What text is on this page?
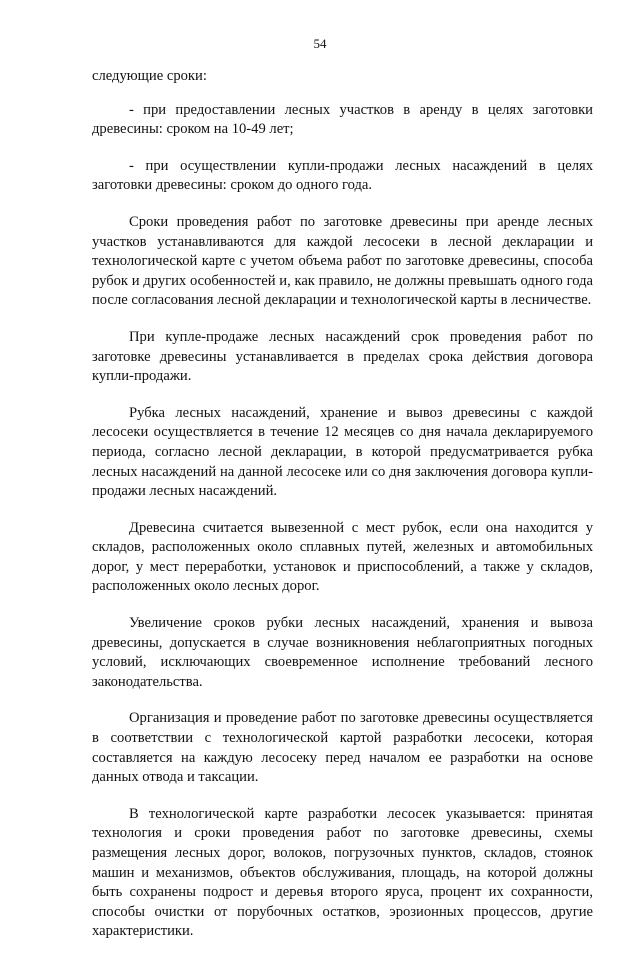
54

следующие сроки:

- при предоставлении лесных участков в аренду в целях заготовки древесины: сроком на 10-49 лет;

- при осуществлении купли-продажи лесных насаждений в целях заготовки древесины: сроком до одного года.

Сроки проведения работ по заготовке древесины при аренде лесных участков устанавливаются для каждой лесосеки в лесной декларации и технологической карте с учетом объема работ по заготовке древесины, способа рубок и других особенностей и, как правило, не должны превышать одного года после согласования лесной декларации и технологической карты в лесничестве.

При купле-продаже лесных насаждений срок проведения работ по заготовке древесины устанавливается в пределах срока действия договора купли-продажи.

Рубка лесных насаждений, хранение и вывоз древесины с каждой лесосеки осуществляется в течение 12 месяцев со дня начала декларируемого периода, согласно лесной декларации, в которой предусматривается рубка лесных насаждений на данной лесосеке или со дня заключения договора купли-продажи лесных насаждений.

Древесина считается вывезенной с мест рубок, если она находится у складов, расположенных около сплавных путей, железных и автомобильных дорог, у мест переработки, установок и приспособлений, а также у складов, расположенных около лесных дорог.

Увеличение сроков рубки лесных насаждений, хранения и вывоза древесины, допускается в случае возникновения неблагоприятных погодных условий, исключающих своевременное исполнение требований лесного законодательства.

Организация и проведение работ по заготовке древесины осуществляется в соответствии с технологической картой разработки лесосеки, которая составляется на каждую лесосеку перед началом ее разработки на основе данных отвода и таксации.

В технологической карте разработки лесосек указывается: принятая технология и сроки проведения работ по заготовке древесины, схемы размещения лесных дорог, волоков, погрузочных пунктов, складов, стоянок машин и механизмов, объектов обслуживания, площадь, на которой должны быть сохранены подрост и деревья второго яруса, процент их сохранности, способы очистки от порубочных остатков, эрозионных процессов, другие характеристики.
